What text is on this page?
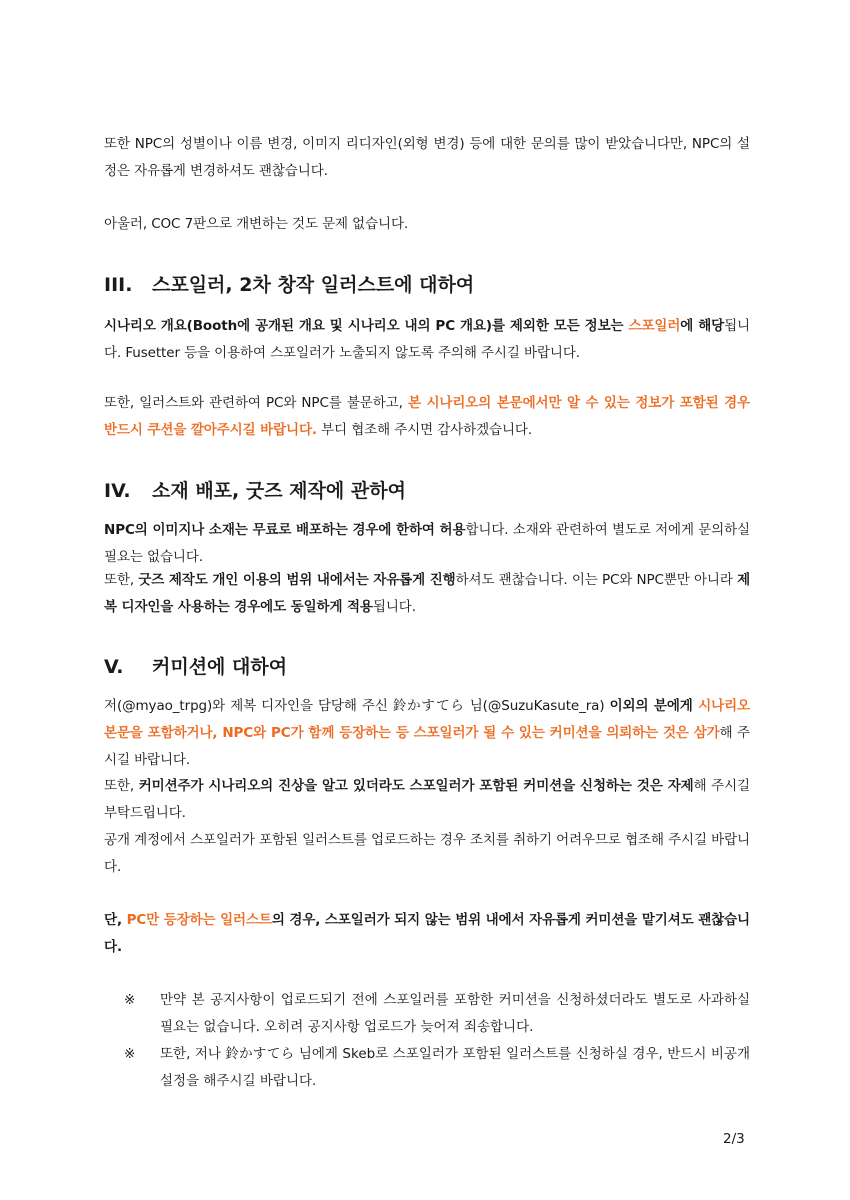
또한 NPC의 성별이나 이름 변경, 이미지 리디자인(외형 변경) 등에 대한 문의를 많이 받았습니다만, NPC의 설정은 자유롭게 변경하셔도 괜찮습니다.

아울러, COC 7판으로 개변하는 것도 문제 없습니다.

III. 스포일러, 2차 창작 일러스트에 대하여

시나리오 개요(Booth에 공개된 개요 및 시나리오 내의 PC 개요)를 제외한 모든 정보는 스포일러에 해당됩니다. Fusetter 등을 이용하여 스포일러가 노출되지 않도록 주의해 주시길 바랍니다.

또한, 일러스트와 관련하여 PC와 NPC를 불문하고, 본 시나리오의 본문에서만 알 수 있는 정보가 포함된 경우 반드시 쿠션을 깔아주시길 바랍니다. 부디 협조해 주시면 감사하겠습니다.

IV. 소재 배포, 굿즈 제작에 관하여

NPC의 이미지나 소재는 무료로 배포하는 경우에 한하여 허용합니다. 소재와 관련하여 별도로 저에게 문의하실 필요는 없습니다.

또한, 굿즈 제작도 개인 이용의 범위 내에서는 자유롭게 진행하셔도 괜찮습니다. 이는 PC와 NPC뿐만 아니라 제복 디자인을 사용하는 경우에도 동일하게 적용됩니다.

V. 커미션에 대하여

저(@myao_trpg)와 제복 디자인을 담당해 주신 鈴かすてら 님(@SuzuKasute_ra) 이외의 분에게 시나리오 본문을 포함하거나, NPC와 PC가 함께 등장하는 등 스포일러가 될 수 있는 커미션을 의뢰하는 것은 삼가해 주시길 바랍니다.

또한, 커미션주가 시나리오의 진상을 알고 있더라도 스포일러가 포함된 커미션을 신청하는 것은 자제해 주시길 부탁드립니다.

공개 계정에서 스포일러가 포함된 일러스트를 업로드하는 경우 조치를 취하기 어려우므로 협조해 주시길 바랍니다.

단, PC만 등장하는 일러스트의 경우, 스포일러가 되지 않는 범위 내에서 자유롭게 커미션을 맡기셔도 괜찮습니다.

※	만약 본 공지사항이 업로드되기 전에 스포일러를 포함한 커미션을 신청하셨더라도 별도로 사과하실 필요는 없습니다. 오히려 공지사항 업로드가 늦어져 죄송합니다.
※	또한, 저나 鈴かすてら 님에게 Skeb로 스포일러가 포함된 일러스트를 신청하실 경우, 반드시 비공개 설정을 해주시길 바랍니다.
2/3
